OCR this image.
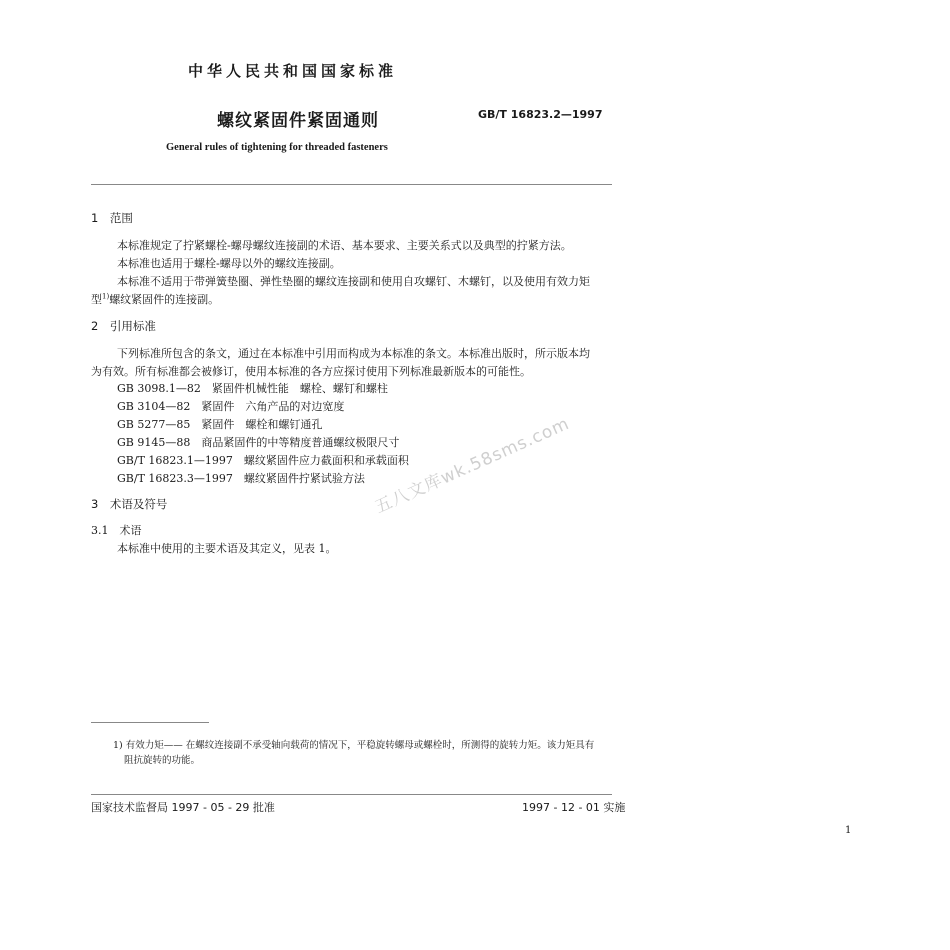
中华人民共和国国家标准
螺纹紧固件紧固通则	GB/T 16823.2—1997
General rules of tightening for threaded fasteners
1　范围
本标准规定了拧紧螺栓-螺母螺纹连接副的术语、基本要求、主要关系式以及典型的拧紧方法。
本标准也适用于螺栓-螺母以外的螺纹连接副。
本标准不适用于带弹簧垫圈、弹性垫圈的螺纹连接副和使用自攻螺钉、木螺钉，以及使用有效力矩
型$^{1)}$螺纹紧固件的连接副。
2　引用标准
下列标准所包含的条文，通过在本标准中引用而构成为本标准的条文。本标准出版时，所示版本均
为有效。所有标准都会被修订，使用本标准的各方应探讨使用下列标准最新版本的可能性。
GB 3098.1—82　 紧固件机械性能　螺栓、螺钉和螺柱
GB 3104—82　 紧固件　六角产品的对边宽度
GB 5277—85　 紧固件　螺栓和螺钉通孔
GB 9145—88　 商品紧固件的中等精度普通螺纹极限尺寸
GB/T 16823.1—1997　 螺纹紧固件应力截面积和承载面积
GB/T 16823.3—1997　 螺纹紧固件拧紧试验方法
3　术语及符号
3.1　术语
本标准中使用的主要术语及其定义，见表 1。
五八文库wk.58sms.com
1) 有效力矩—— 在螺纹连接副不承受轴向载荷的情况下，平稳旋转螺母或螺栓时，所测得的旋转力矩。该力矩具有
阻抗旋转的功能。
国家技术监督局 1997 - 05 - 29 批准	1997 - 12 - 01 实施
1
